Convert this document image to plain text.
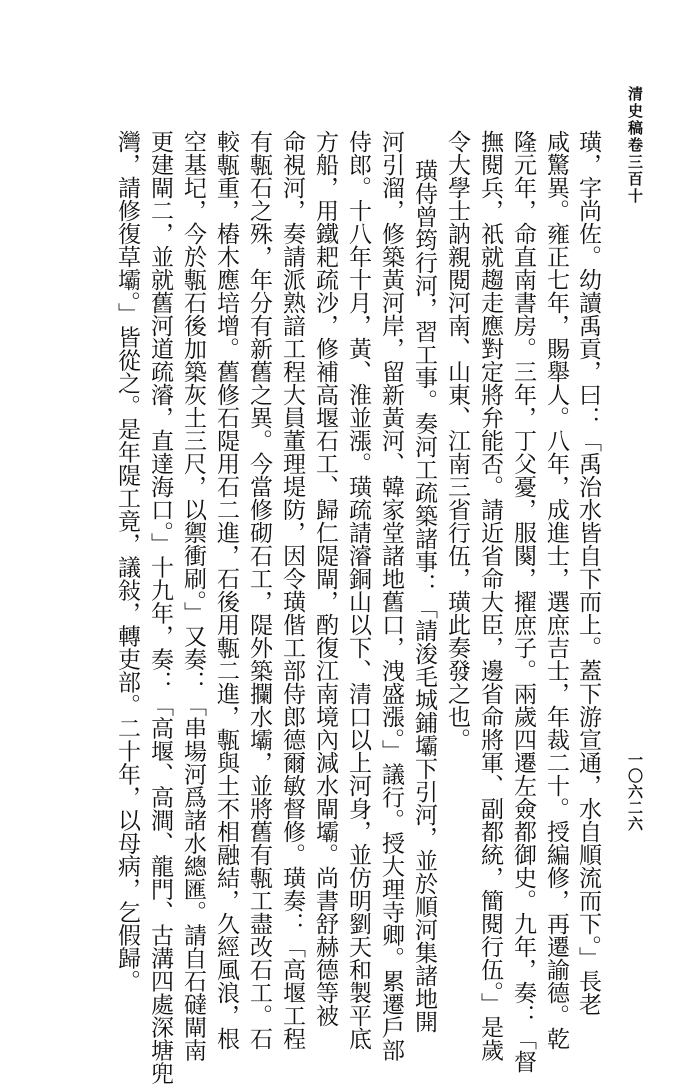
清史稿卷三百十
一〇六二六
璜，字尚佐。幼讀禹貢，曰：「禹治水皆自下而上。蓋下游宣通，水自順流而下。」長老
咸驚異。雍正七年，賜舉人。八年，成進士，選庶吉士，年裁二十。授編修，再遷諭德。乾
隆元年，命直南書房。三年，丁父憂，服闋，擢庶子。兩歲四遷左僉都御史。九年，奏：「督
撫閱兵，祇就趨走應對定將弁能否。請近省命大臣，邊省命將軍、副都統，簡閱行伍。」是歲
令大學士訥親閱河南、山東、江南三省行伍，璜此奏發之也。
璜侍曾筠行河，習工事。奏河工疏築諸事：「請浚毛城鋪壩下引河，並於順河集諸地開
河引溜，修築黃河岸，留新黃河、韓家堂諸地舊口，洩盛漲。」議行。授大理寺卿。累遷戶部
侍郎。十八年十月，黃、淮並漲。璜疏請濬銅山以下、清口以上河身，並仿明劉天和製平底
方船，用鐵耙疏沙，修補高堰石工、歸仁隄閘，酌復江南境內減水閘壩。尚書舒赫德等被
命視河，奏請派熟諳工程大員董理堤防，因令璜偕工部侍郎德爾敏督修。璜奏：「高堰工程
有甎石之殊，年分有新舊之異。今當修砌石工，隄外築攔水壩，並將舊有甎工盡改石工。石
較甎重，樁木應培增。舊修石隄用石二進，石後用甎二進，甎與土不相融結，久經風浪，根
空基圮，今於甎石後加築灰土三尺，以禦衝刷。」又奏：「串場河爲諸水總匯。請自石䃮閘南
更建閘二，並就舊河道疏濬，直達海口。」十九年，奏：「高堰、高澗、龍門、古溝四處深塘兜
灣，請修復草壩。」皆從之。是年隄工竟，議敍，轉吏部。二十年，以母病，乞假歸。
